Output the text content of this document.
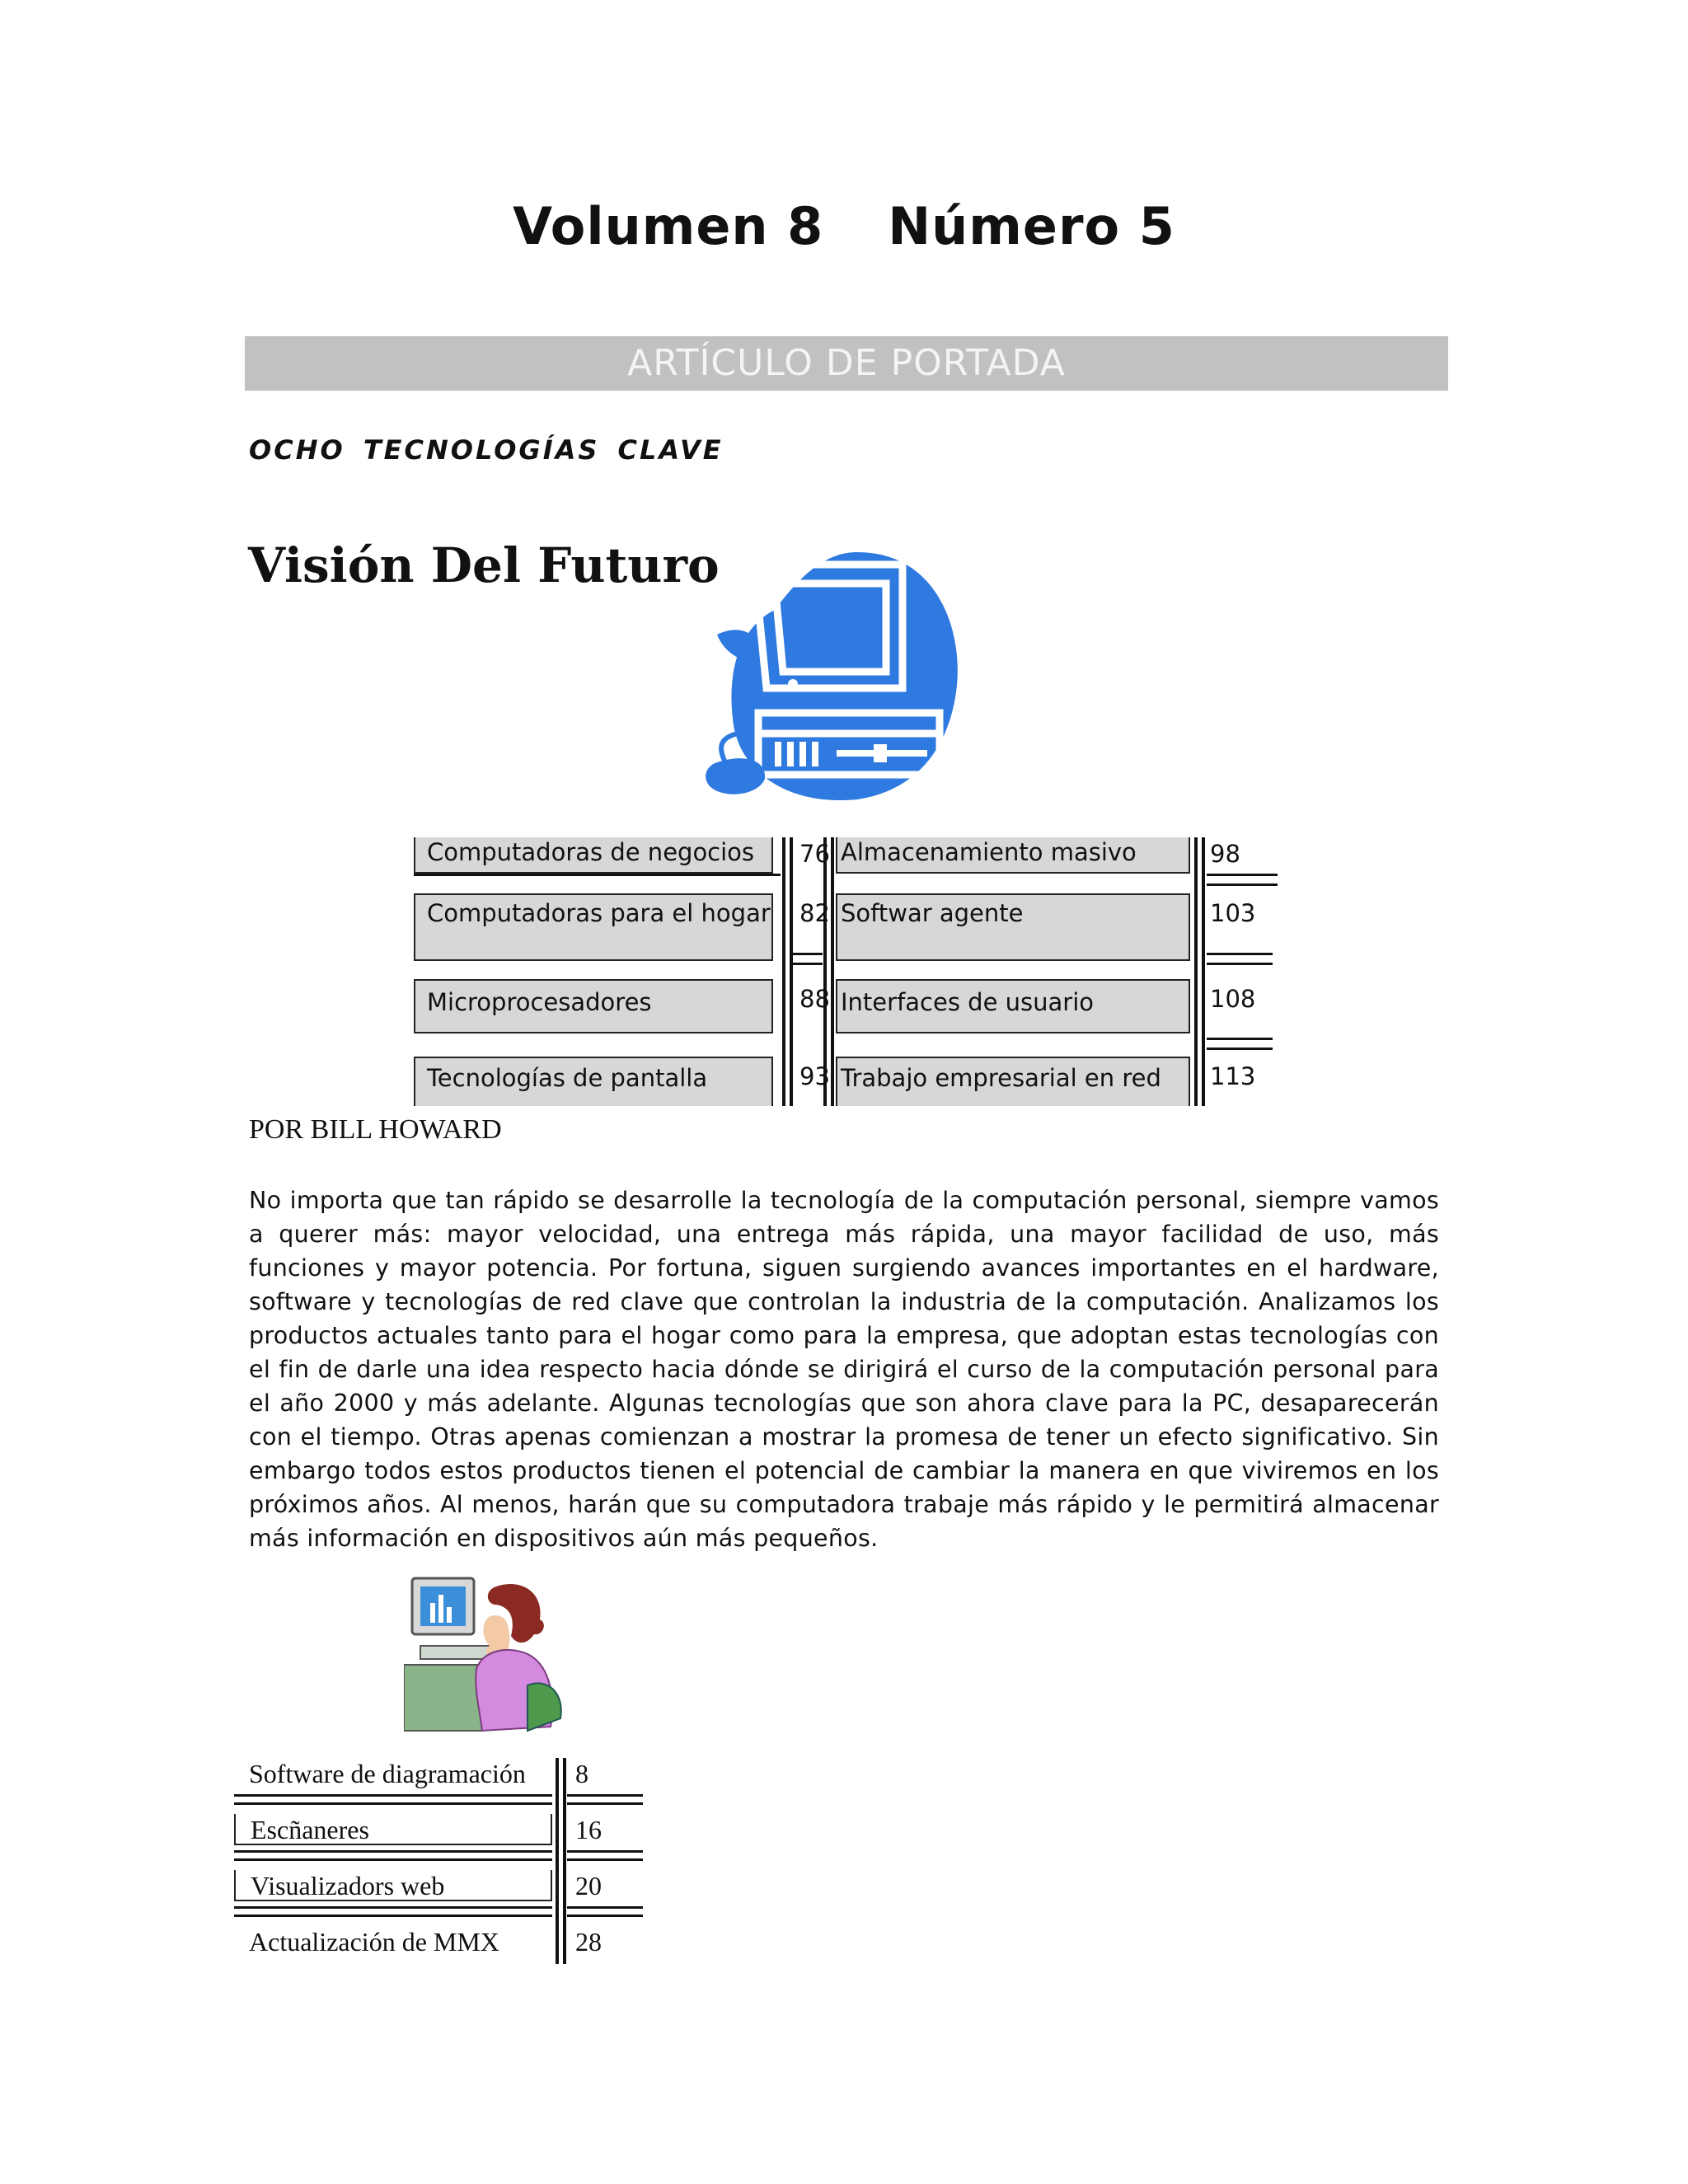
Volumen 8 Número 5
ARTÍCULO DE PORTADA
OCHO TECNOLOGÍAS CLAVE
Visión Del Futuro
Computadoras de negocios	76 Almacenamiento masivo	98
Computadoras para el hogar 82 Softwar agente	103
Microprocesadores	88 Interfaces de usuario	108
Tecnologías de pantalla	93 Trabajo empresarial en red	113
POR BILL HOWARD
No importa que tan rápido se desarrolle la tecnología de la computación personal, siempre vamos a querer más: mayor velocidad, una entrega más rápida, una mayor facilidad de uso, más funciones y mayor potencia. Por fortuna, siguen surgiendo avances importantes en el hardware, software y tecnologías de red clave que controlan la industria de la computación. Analizamos los productos actuales tanto para el hogar como para la empresa, que adoptan estas tecnologías con el fin de darle una idea respecto hacia dónde se dirigirá el curso de la computación personal para el año 2000 y más adelante. Algunas tecnologías que son ahora clave para la PC, desaparecerán con el tiempo. Otras apenas comienzan a mostrar la promesa de tener un efecto significativo. Sin embargo todos estos productos tienen el potencial de cambiar la manera en que viviremos en los próximos años. Al menos, harán que su computadora trabaje más rápido y le permitirá almacenar más información en dispositivos aún más pequeños.
Software de diagramación	8
Escñaneres	16
Visualizadors web	20
Actualización de MMX	28
